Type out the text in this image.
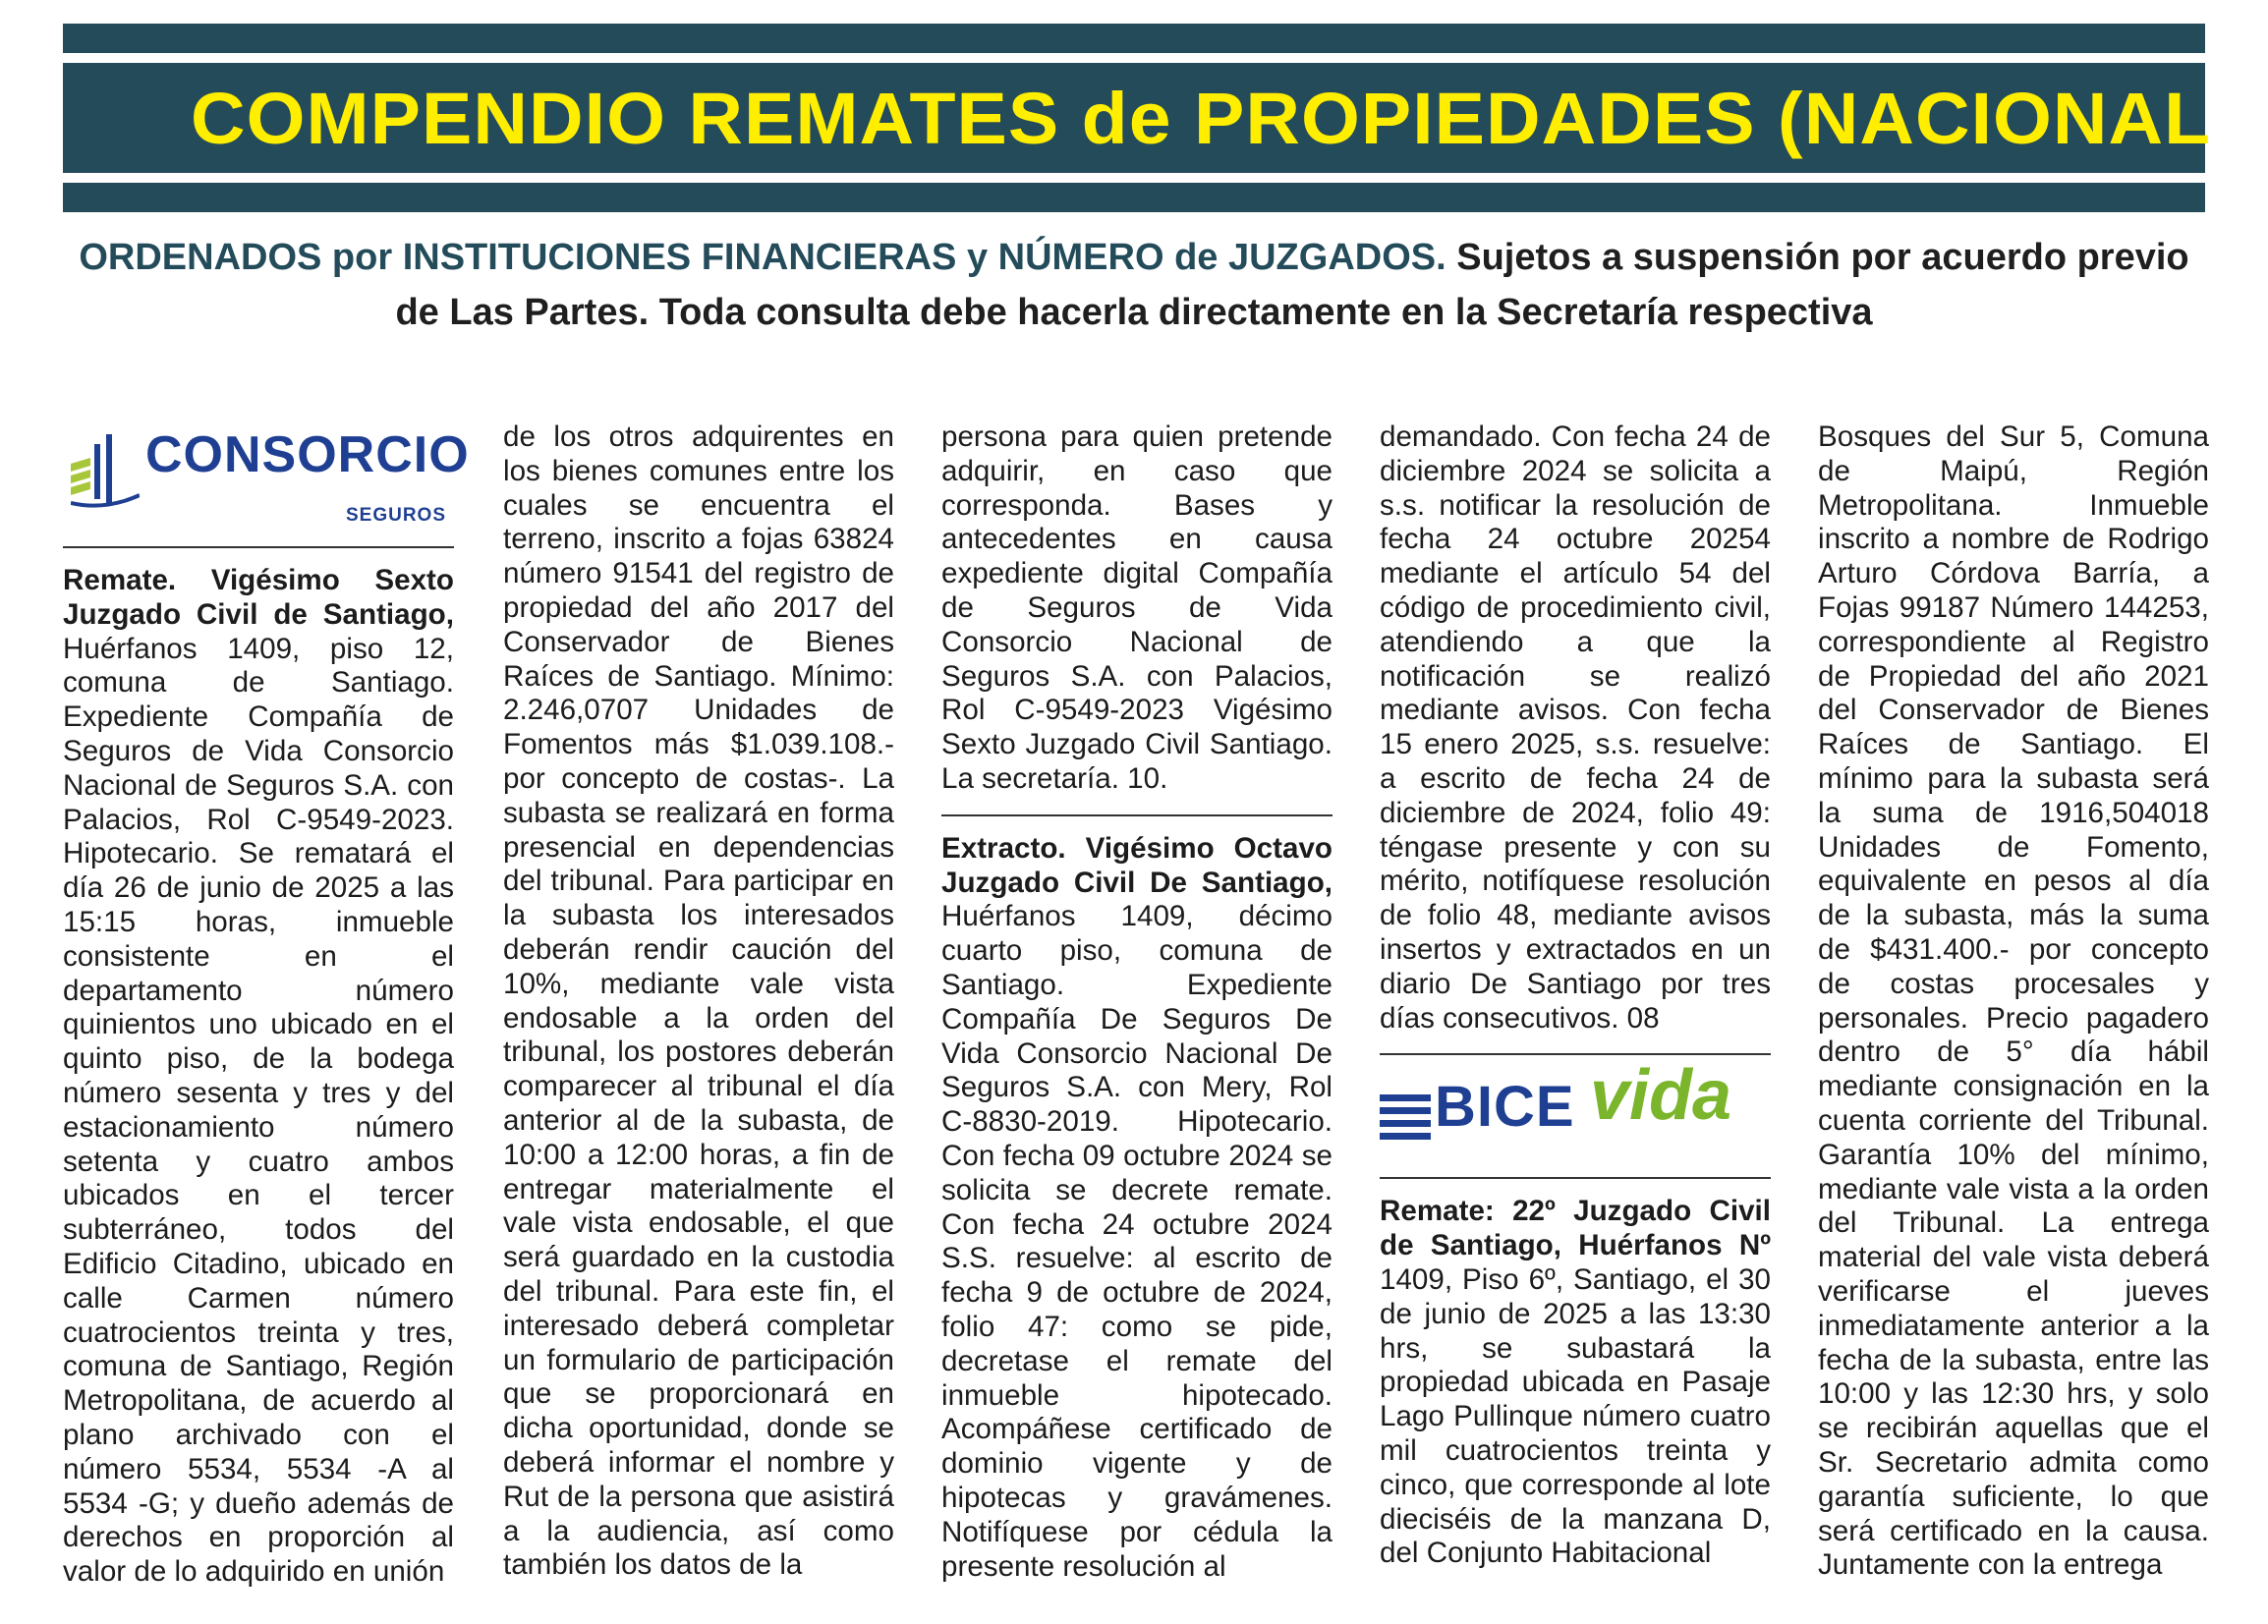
COMPENDIO REMATES de PROPIEDADES (NACIONAL
ORDENADOS por INSTITUCIONES FINANCIERAS y NÚMERO de JUZGADOS. Sujetos a suspensión por acuerdo previo de Las Partes. Toda consulta debe hacerla directamente en la Secretaría respectiva
CONSORCIO
SEGUROS

Remate. Vigésimo Sexto Juzgado Civil de Santiago, Huérfanos 1409, piso 12, comuna de Santiago. Expediente Compañía de Seguros de Vida Consorcio Nacional de Seguros S.A. con Palacios, Rol C-9549-2023. Hipotecario. Se rematará el día 26 de junio de 2025 a las 15:15 horas, inmueble consistente en el departamento número quinientos uno ubicado en el quinto piso, de la bodega número sesenta y tres y del estacionamiento número setenta y cuatro ambos ubicados en el tercer subterráneo, todos del Edificio Citadino, ubicado en calle Carmen número cuatrocientos treinta y tres, comuna de Santiago, Región Metropolitana, de acuerdo al plano archivado con el número 5534, 5534 -A al 5534 -G; y dueño además de derechos en proporción al valor de lo adquirido en unión

de los otros adquirentes en los bienes comunes entre los cuales se encuentra el terreno, inscrito a fojas 63824 número 91541 del registro de propiedad del año 2017 del Conservador de Bienes Raíces de Santiago. Mínimo: 2.246,0707 Unidades de Fomentos más $1.039.108.- por concepto de costas-. La subasta se realizará en forma presencial en dependencias del tribunal. Para participar en la subasta los interesados deberán rendir caución del 10%, mediante vale vista endosable a la orden del tribunal, los postores deberán comparecer al tribunal el día anterior al de la subasta, de 10:00 a 12:00 horas, a fin de entregar materialmente el vale vista endosable, el que será guardado en la custodia del tribunal. Para este fin, el interesado deberá completar un formulario de participación que se proporcionará en dicha oportunidad, donde se deberá informar el nombre y Rut de la persona que asistirá a la audiencia, así como también los datos de la

persona para quien pretende adquirir, en caso que corresponda. Bases y antecedentes en causa expediente digital Compañía de Seguros de Vida Consorcio Nacional de Seguros S.A. con Palacios, Rol C-9549-2023 Vigésimo Sexto Juzgado Civil Santiago. La secretaría. 10.

Extracto. Vigésimo Octavo Juzgado Civil De Santiago, Huérfanos 1409, décimo cuarto piso, comuna de Santiago. Expediente Compañía De Seguros De Vida Consorcio Nacional De Seguros S.A. con Mery, Rol C-8830-2019. Hipotecario. Con fecha 09 octubre 2024 se solicita se decrete remate. Con fecha 24 octubre 2024 S.S. resuelve: al escrito de fecha 9 de octubre de 2024, folio 47: como se pide, decretase el remate del inmueble hipotecado. Acompáñese certificado de dominio vigente y de hipotecas y gravámenes. Notifíquese por cédula la presente resolución al

demandado. Con fecha 24 de diciembre 2024 se solicita a s.s. notificar la resolución de fecha 24 octubre 20254 mediante el artículo 54 del código de procedimiento civil, atendiendo a que la notificación se realizó mediante avisos. Con fecha 15 enero 2025, s.s. resuelve: a escrito de fecha 24 de diciembre de 2024, folio 49: téngase presente y con su mérito, notifíquese resolución de folio 48, mediante avisos insertos y extractados en un diario De Santiago por tres días consecutivos. 08

BICE vida

Remate: 22º Juzgado Civil de Santiago, Huérfanos Nº 1409, Piso 6º, Santiago, el 30 de junio de 2025 a las 13:30 hrs, se subastará la propiedad ubicada en Pasaje Lago Pullinque número cuatro mil cuatrocientos treinta y cinco, que corresponde al lote dieciséis de la manzana D, del Conjunto Habitacional

Bosques del Sur 5, Comuna de Maipú, Región Metropolitana. Inmueble inscrito a nombre de Rodrigo Arturo Córdova Barría, a Fojas 99187 Número 144253, correspondiente al Registro de Propiedad del año 2021 del Conservador de Bienes Raíces de Santiago. El mínimo para la subasta será la suma de 1916,504018 Unidades de Fomento, equivalente en pesos al día de la subasta, más la suma de $431.400.- por concepto de costas procesales y personales. Precio pagadero dentro de 5° día hábil mediante consignación en la cuenta corriente del Tribunal. Garantía 10% del mínimo, mediante vale vista a la orden del Tribunal. La entrega material del vale vista deberá verificarse el jueves inmediatamente anterior a la fecha de la subasta, entre las 10:00 y las 12:30 hrs, y solo se recibirán aquellas que el Sr. Secretario admita como garantía suficiente, lo que será certificado en la causa. Juntamente con la entrega
